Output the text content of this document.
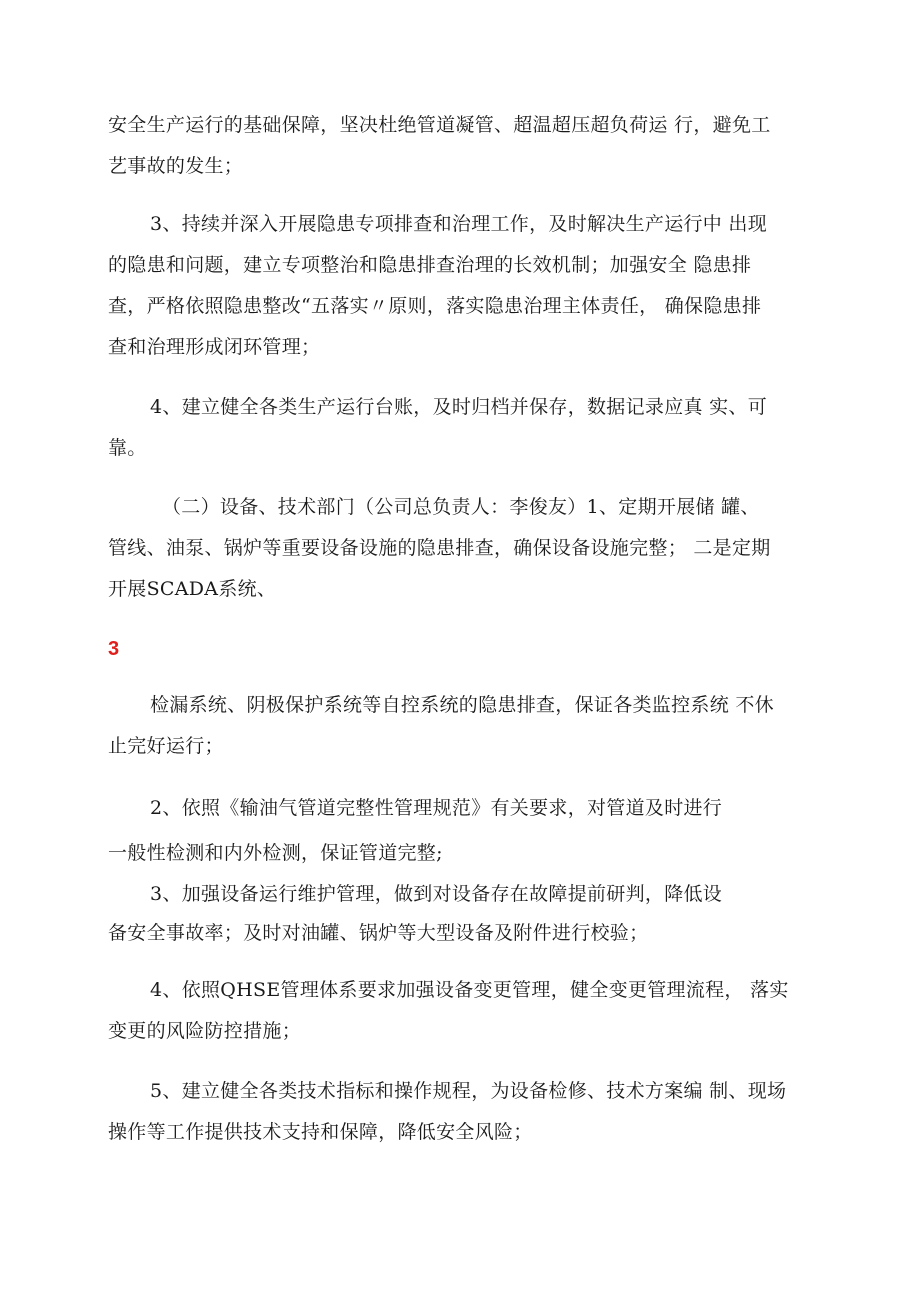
安全生产运行的基础保障，坚决杜绝管道凝管、超温超压超负荷运 行，避免工
艺事故的发生；
3、持续并深入开展隐患专项排查和治理工作，及时解决生产运行中 出现
的隐患和问题，建立专项整治和隐患排查治理的长效机制；加强安全 隐患排
查，严格依照隐患整改“五落实〃原则，落实隐患治理主体责任， 确保隐患排
查和治理形成闭环管理；
4、建立健全各类生产运行台账，及时归档并保存，数据记录应真 实、可
靠。
（二）设备、技术部门（公司总负责人：李俊友）1、定期开展储 罐、
管线、油泵、锅炉等重要设备设施的隐患排查，确保设备设施完整； 二是定期
开展SCADA系统、
3
检漏系统、阴极保护系统等自控系统的隐患排查，保证各类监控系统 不休
止完好运行；
2、依照《输油气管道完整性管理规范》有关要求，对管道及时进行
一般性检测和内外检测，保证管道完整;
3、加强设备运行维护管理，做到对设备存在故障提前研判，降低设
备安全事故率；及时对油罐、锅炉等大型设备及附件进行校验；
4、依照QHSE管理体系要求加强设备变更管理，健全变更管理流程， 落实
变更的风险防控措施；
5、建立健全各类技术指标和操作规程，为设备检修、技术方案编 制、现场
操作等工作提供技术支持和保障，降低安全风险；
